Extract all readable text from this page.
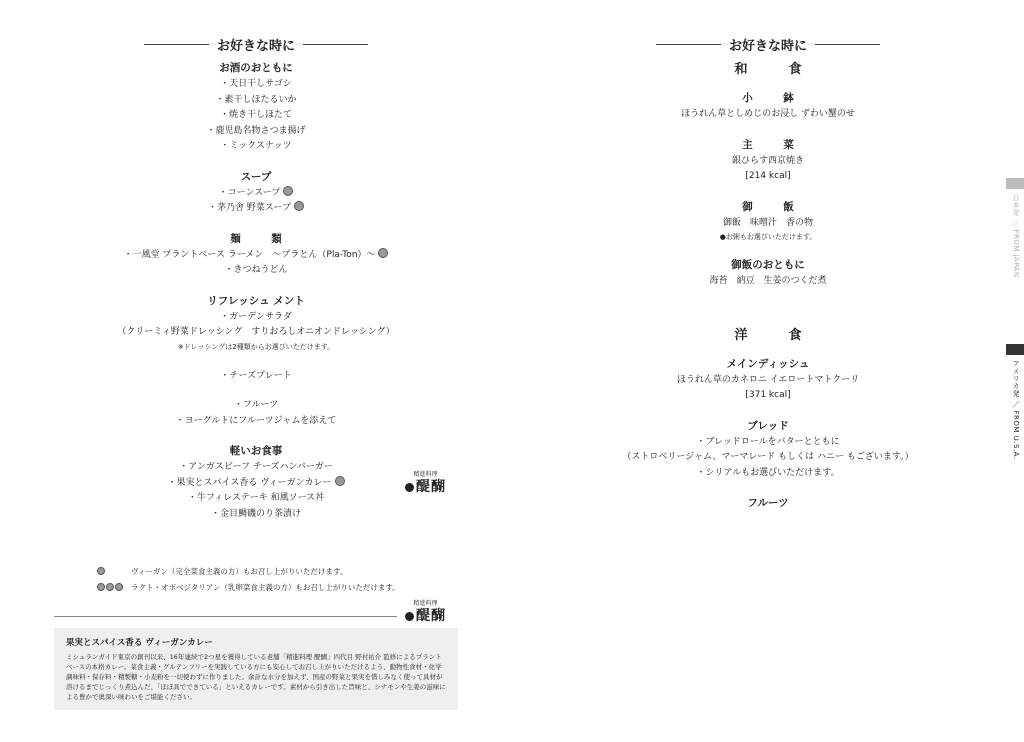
お好きな時に
お酒のおともに
・天日干しサゴシ
・素干しほたるいか
・焼き干しほたて
・鹿児島名物さつま揚げ
・ミックスナッツ
スープ
・コーンスープ
・茅乃舎 野菜スープ
麺　類
・一風堂 プラントベース ラーメン　～プラとん（Pla-Ton）～
・きつねうどん
リフレッシュ メント
・ガーデンサラダ
（クリーミィ野菜ドレッシング　すりおろしオニオンドレッシング）
※ドレッシングは2種類からお選びいただけます。
・チーズプレート
・フルーツ
・ヨーグルトにフルーツジャムを添えて
軽いお食事
・アンガスビーフ チーズハンバーガー
・果実とスパイス香る ヴィーガンカレー
・牛フィレステーキ 和風ソース丼
・金目鯛磯のり茶漬け
精進料理
醍醐
ヴィーガン（完全菜食主義の方）もお召し上がりいただけます。
ラクト・オボベジタリアン（乳卵菜食主義の方）もお召し上がりいただけます。
精進料理
醍醐
果実とスパイス香る ヴィーガンカレー
ミシュランガイド東京の創刊以来、16年連続で2つ星を獲得している老舗「精進料理 醍醐」四代目 野村祐介 監修によるプラントベースの本格カレー。菜食主義・グルテンフリーを実践している方にも安心してお召し上がりいただけるよう、動物性食材・化学調味料・保存料・精製糖・小麦粉を一切使わずに作りました。余計な水分を加えず、国産の野菜と果実を惜しみなく使って具材が溶けるまでじっくり煮込んだ、「ほぼ具でできている」といえるカレーです。素材から引き出した旨味と、シナモンや生姜の滋味による豊かで奥深い味わいをご堪能ください。
お好きな時に
和　食
小　鉢
ほうれん草としめじのお浸し ずわい蟹のせ
主　菜
銀ひらす西京焼き
[214 kcal]
御　飯
御飯　味噌汁　香の物
●お粥もお選びいただけます。
御飯のおともに
海苔　納豆　生姜のつくだ煮
洋　食
メインディッシュ
ほうれん草のカネロニ イエロートマトクーリ
[371 kcal]
ブレッド
・ブレッドロールをバターとともに
（ストロベリージャム、マーマレード もしくは ハニー もございます。）
・シリアルもお選びいただけます。
フルーツ
日本発 ／ FROM JAPAN
アメリカ発 ／ FROM U.S.A.
